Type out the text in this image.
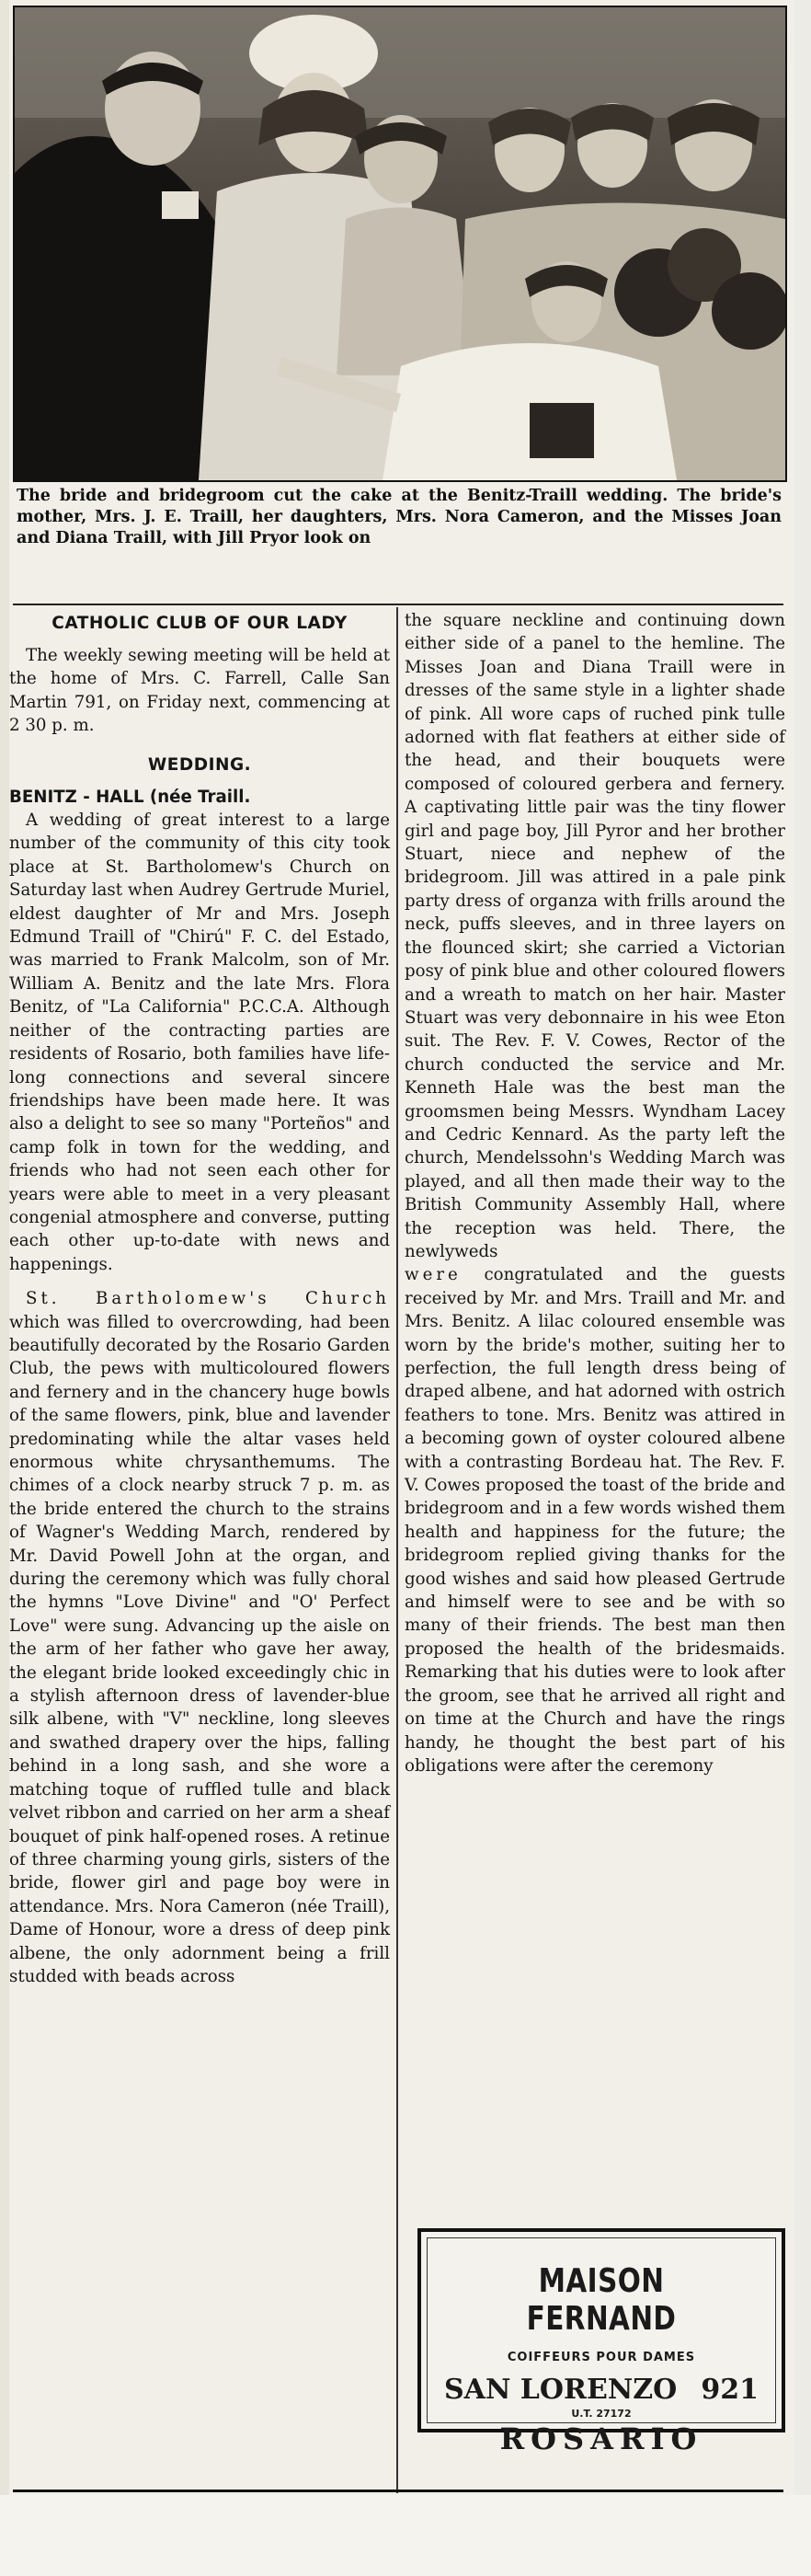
The bride and bridegroom cut the cake at the Benitz-Traill wedding. The bride's mother, Mrs. J. E. Traill, her daughters, Mrs. Nora Cameron, and the Misses Joan and Diana Traill, with Jill Pryor look on
CATHOLIC CLUB OF OUR LADY

The weekly sewing meeting will be held at the home of Mrs. C. Farrell, Calle San Martin 791, on Friday next, commencing at 2 30 p. m.

WEDDING.

BENITZ - HALL (née Traill.

A wedding of great interest to a large number of the community of this city took place at St. Bartholomew's Church on Saturday last when Audrey Gertrude Muriel, eldest daughter of Mr and Mrs. Joseph Edmund Traill of "Chirú" F. C. del Estado, was married to Frank Malcolm, son of Mr. William A. Benitz and the late Mrs. Flora Benitz, of "La California" P.C.C.A. Although neither of the contracting parties are residents of Rosario, both families have life-long connections and several sincere friendships have been made here. It was also a delight to see so many "Porteños" and camp folk in town for the wedding, and friends who had not seen each other for years were able to meet in a very pleasant congenial atmosphere and converse, putting each other up-to-date with news and happenings.

St. Bartholomew's Church which was filled to overcrowding, had been beautifully decorated by the Rosario Garden Club, the pews with multicoloured flowers and fernery and in the chancery huge bowls of the same flowers, pink, blue and lavender predominating while the altar vases held enormous white chrysanthemums. The chimes of a clock nearby struck 7 p. m. as the bride entered the church to the strains of Wagner's Wedding March, rendered by Mr. David Powell John at the organ, and during the ceremony which was fully choral the hymns "Love Divine" and "O' Perfect Love" were sung. Advancing up the aisle on the arm of her father who gave her away, the elegant bride looked exceedingly chic in a stylish afternoon dress of lavender-blue silk albene, with "V" neckline, long sleeves and swathed drapery over the hips, falling behind in a long sash, and she wore a matching toque of ruffled tulle and black velvet ribbon and carried on her arm a sheaf bouquet of pink half-opened roses. A retinue of three charming young girls, sisters of the bride, flower girl and page boy were in attendance. Mrs. Nora Cameron (née Traill), Dame of Honour, wore a dress of deep pink albene, the only adornment being a frill studded with beads across

the square neckline and continuing down either side of a panel to the hemline. The Misses Joan and Diana Traill were in dresses of the same style in a lighter shade of pink. All wore caps of ruched pink tulle adorned with flat feathers at either side of the head, and their bouquets were composed of coloured gerbera and fernery. A captivating little pair was the tiny flower girl and page boy, Jill Pyror and her brother Stuart, niece and nephew of the bridegroom. Jill was attired in a pale pink party dress of organza with frills around the neck, puffs sleeves, and in three layers on the flounced skirt; she carried a Victorian posy of pink blue and other coloured flowers and a wreath to match on her hair. Master Stuart was very debonnaire in his wee Eton suit. The Rev. F. V. Cowes, Rector of the church conducted the service and Mr. Kenneth Hale was the best man the groomsmen being Messrs. Wyndham Lacey and Cedric Kennard. As the party left the church, Mendelssohn's Wedding March was played, and all then made their way to the British Community Assembly Hall, where the reception was held. There, the newlyweds

were congratulated and the guests received by Mr. and Mrs. Traill and Mr. and Mrs. Benitz. A lilac coloured ensemble was worn by the bride's mother, suiting her to perfection, the full length dress being of draped albene, and hat adorned with ostrich feathers to tone. Mrs. Benitz was attired in a becoming gown of oyster coloured albene with a contrasting Bordeau hat. The Rev. F. V. Cowes proposed the toast of the bride and bridegroom and in a few words wished them health and happiness for the future; the bridegroom replied giving thanks for the good wishes and said how pleased Gertrude and himself were to see and be with so many of their friends. The best man then proposed the health of the bridesmaids. Remarking that his duties were to look after the groom, see that he arrived all right and on time at the Church and have the rings handy, he thought the best part of his obligations were after the ceremony

MAISON FERNAND
COIFFEURS POUR DAMES
SAN LORENZO 921
U.T. 27172
ROSARIO
